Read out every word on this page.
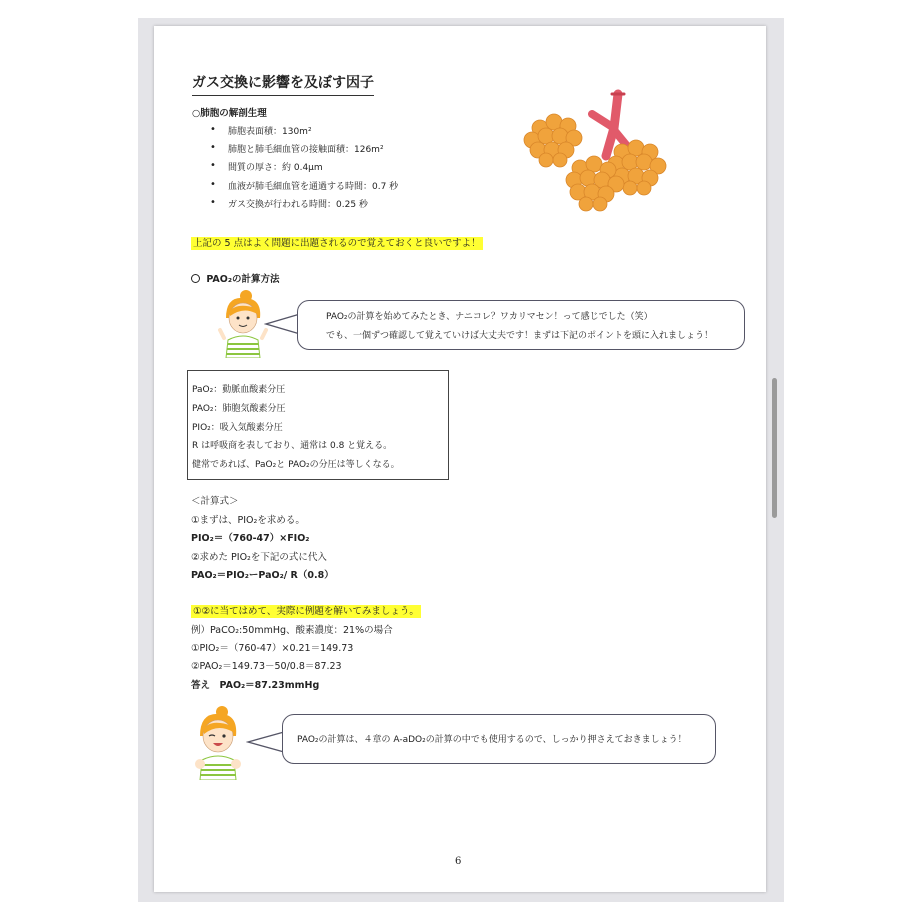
ガス交換に影響を及ぼす因子
○肺胞の解剖生理
• 肺胞表面積：130m²
• 肺胞と肺毛細血管の接触面積：126m²
• 間質の厚さ：約 0.4μm
• 血液が肺毛細血管を通過する時間：0.7 秒
• ガス交換が行われる時間：0.25 秒
上記の 5 点はよく問題に出題されるので覚えておくと良いですよ！
PAO₂の計算方法
PAO₂の計算を始めてみたとき、ナニコレ？ワカリマセン！って感じでした（笑）
でも、一個ずつ確認して覚えていけば大丈夫です！まずは下記のポイントを頭に入れましょう！
PaO₂：動脈血酸素分圧
PAO₂：肺胞気酸素分圧
PIO₂：吸入気酸素分圧
R は呼吸商を表しており、通常は 0.8 と覚える。
健常であれば、PaO₂と PAO₂の分圧は等しくなる。
＜計算式＞
①まずは、PIO₂を求める。
PIO₂＝（760-47）×FIO₂
②求めた PIO₂を下記の式に代入
PAO₂＝PIO₂ーPaO₂/ R（0.8）
①②に当てはめて、実際に例題を解いてみましょう。
例）PaCO₂:50mmHg、酸素濃度：21%の場合
①PIO₂＝（760-47）×0.21＝149.73
②PAO₂＝149.73－50/0.8＝87.23
答え　PAO₂＝87.23mmHg
PAO₂の計算は、４章の A-aDO₂の計算の中でも使用するので、しっかり押さえておきましょう！
6
